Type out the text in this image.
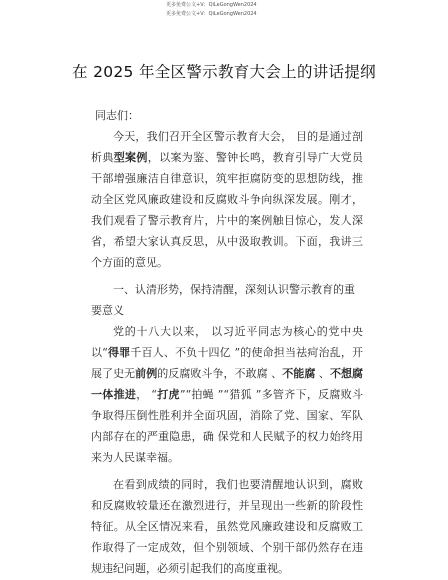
更多免费公文+V：QiLeGongWen2024
更多免费公文+V：QiLeGongWen2024
在 2025 年全区警示教育大会上的讲话提纲
同志们：

今天，我们召开全区警示教育大会， 目的是通过剖析典型案例，以案为鉴、警钟长鸣，教育引导广大党员干部增强廉洁自律意识，筑牢拒腐防变的思想防线，推动全区党风廉政建设和反腐败斗争向纵深发展。刚才，我们观看了警示教育片，片中的案例触目惊心，发人深省，希望大家认真反思，从中汲取教训。下面，我讲三个方面的意见。

一、认清形势，保持清醒，深刻认识警示教育的重要意义

党的十八大以来， 以习近平同志为核心的党中央以“得罪千百人、不负十四亿 ”的使命担当祛疴治乱，开展了史无前例的反腐败斗争，不敢腐 、不能腐 、不想腐一体推进， “打虎”“拍蝇 ”“猎狐 ”多管齐下，反腐败斗争取得压倒性胜利并全面巩固，消除了党、国家、军队内部存在的严重隐患，确 保党和人民赋予的权力始终用来为人民谋幸福。

在看到成绩的同时，我们也要清醒地认识到，腐败和反腐败较量还在激烈进行，并呈现出一些新的阶段性特征。从全区情况来看，虽然党风廉政建设和反腐败工作取得了一定成效，但个别领域、个别干部仍然存在违规违纪问题，必须引起我们的高度重视。
